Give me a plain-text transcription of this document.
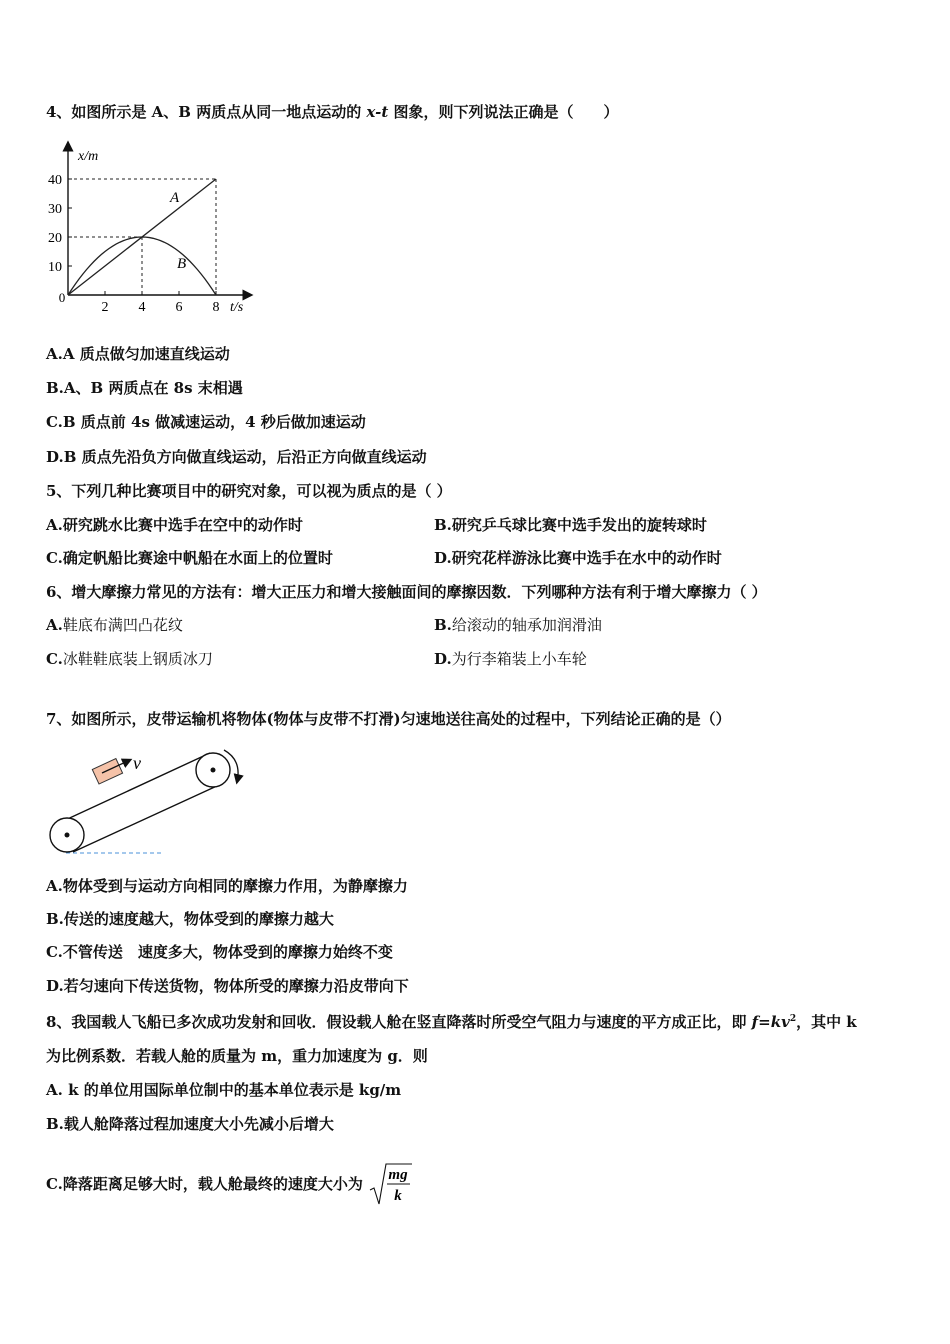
4、如图所示是 A、B 两质点从同一地点运动的 x-t 图象，则下列说法正确是（　　）
40
30
20
10
2 4 6 8
x/m
t/s
0
A
B
A.A 质点做匀加速直线运动
B.A、B 两质点在 8s 末相遇
C.B 质点前 4s 做减速运动，4 秒后做加速运动
D.B 质点先沿负方向做直线运动，后沿正方向做直线运动
5、下列几种比赛项目中的研究对象，可以视为质点的是（ ）
A.研究跳水比赛中选手在空中的动作时	B.研究乒乓球比赛中选手发出的旋转球时
C.确定帆船比赛途中帆船在水面上的位置时	D.研究花样游泳比赛中选手在水中的动作时
6、增大摩擦力常见的方法有：增大正压力和增大接触面间的摩擦因数．下列哪种方法有利于增大摩擦力（ ）
A.鞋底布满凹凸花纹	B.给滚动的轴承加润滑油
C.冰鞋鞋底装上钢质冰刀	D.为行李箱装上小车轮
7、如图所示，皮带运输机将物体(物体与皮带不打滑)匀速地送往高处的过程中，下列结论正确的是（）
v
A.物体受到与运动方向相同的摩擦力作用，为静摩擦力
B.传送的速度越大，物体受到的摩擦力越大
C.不管传送　速度多大，物体受到的摩擦力始终不变
D.若匀速向下传送货物，物体所受的摩擦力沿皮带向下
8、我国载人飞船已多次成功发射和回收．假设载人舱在竖直降落时所受空气阻力与速度的平方成正比，即 $f=kv^2$，其中 k
为比例系数．若载人舱的质量为 m，重力加速度为 g．则
A. k 的单位用国际单位制中的基本单位表示是 kg/m
B.载人舱降落过程加速度大小先减小后增大
C.降落距离足够大时，载人舱最终的速度大小为 mg
k
